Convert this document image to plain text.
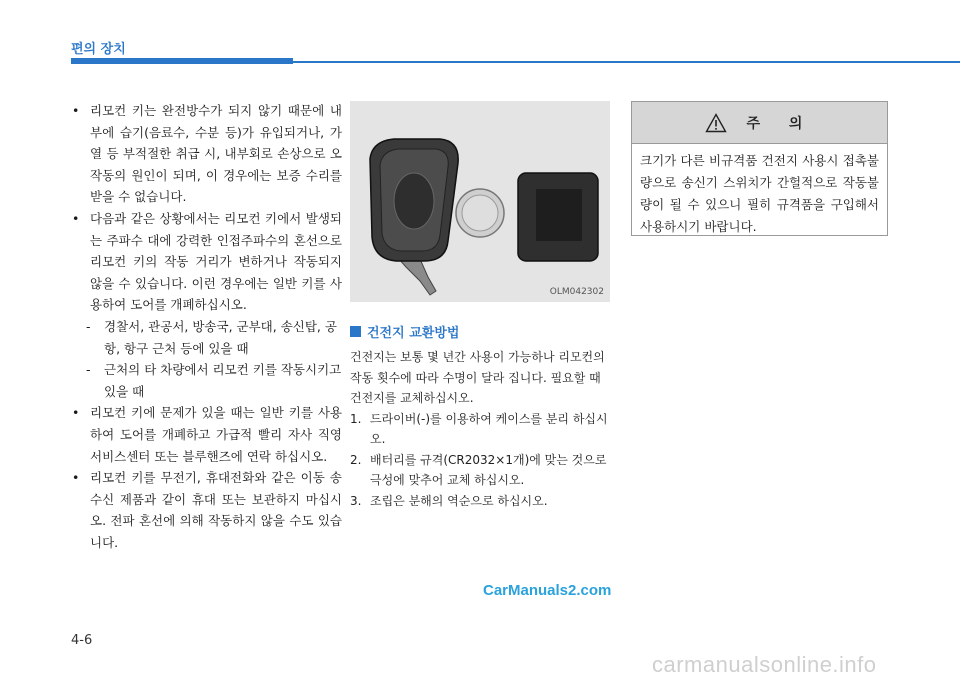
편의 장치
• 리모컨 키는 완전방수가 되지 않기 때문에 내부에 습기(음료수, 수분 등)가 유입되거나, 가열 등 부적절한 취급 시, 내부회로 손상으로 오작동의 원인이 되며, 이 경우에는 보증 수리를 받을 수 없습니다.
• 다음과 같은 상황에서는 리모컨 키에서 발생되는 주파수 대에 강력한 인접주파수의 혼선으로 리모컨 키의 작동 거리가 변하거나 작동되지 않을 수 있습니다. 이런 경우에는 일반 키를 사용하여 도어를 개폐하십시오.
-	경찰서, 관공서, 방송국, 군부대, 송신탑, 공항, 항구 근처 등에 있을 때
-	근처의 타 차량에서 리모컨 키를 작동시키고 있을 때
• 리모컨 키에 문제가 있을 때는 일반 키를 사용하여 도어를 개폐하고 가급적 빨리 자사 직영 서비스센터 또는 블루핸즈에 연락 하십시오.
• 리모컨 키를 무전기, 휴대전화와 같은 이동 송수신 제품과 같이 휴대 또는 보관하지 마십시오. 전파 혼선에 의해 작동하지 않을 수도 있습니다.
OLM042302
건전지 교환방법
건전지는 보통 몇 년간 사용이 가능하나 리모컨의 작동 횟수에 따라 수명이 달라 집니다. 필요할 때 건전지를 교체하십시오.
1. 드라이버(-)를 이용하여 케이스를 분리 하십시오.
2. 배터리를 규격(CR2032×1개)에 맞는 것으로 극성에 맞추어 교체 하십시오.
3. 조립은 분해의 역순으로 하십시오.
주 의
크기가 다른 비규격품 건전지 사용시 접촉불량으로 송신기 스위치가 간헐적으로 작동불량이 될 수 있으니 필히 규격품을 구입해서 사용하시기 바랍니다.
CarManuals2.com
4-6
carmanualsonline.info
